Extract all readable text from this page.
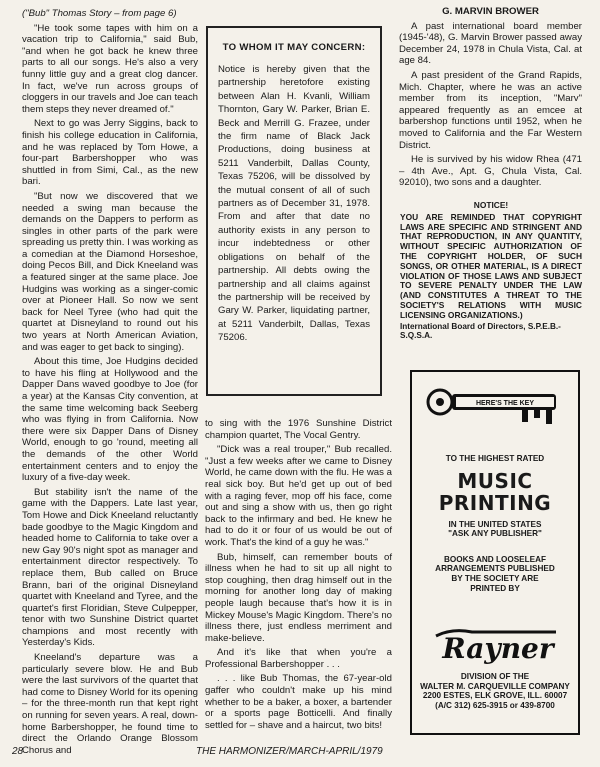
("Bub" Thomas Story – from page 6)

"He took some tapes with him on a vacation trip to California," said Bub, "and when he got back he knew three parts to all our songs. He's also a very funny little guy and a great clog dancer. In fact, we've run across groups of cloggers in our travels and Joe can teach them steps they never dreamed of."

Next to go was Jerry Siggins, back to finish his college education in California, and he was replaced by Tom Howe, a four-part Barbershopper who was shuttled in from Simi, Cal., as the new bari.

"But now we discovered that we needed a swing man because the demands on the Dappers to perform as singles in other parts of the park were spreading us pretty thin. I was working as a comedian at the Diamond Horseshoe, doing Pecos Bill, and Dick Kneeland was a featured singer at the same place. Joe Hudgins was working as a singer-comic over at Pioneer Hall. So now we sent back for Neel Tyree (who had quit the quartet at Disneyland to round out his two years at North American Aviation, and was eager to get back to singing).

About this time, Joe Hudgins decided to have his fling at Hollywood and the Dapper Dans waved goodbye to Joe (for a year) at the Kansas City convention, at the same time welcoming back Seeberg who was flying in from California. Now there were six Dapper Dans of Disney World, enough to go 'round, meeting all the demands of the other World entertainment centers and to enjoy the luxury of a five-day week.

But stability isn't the name of the game with the Dappers. Late last year, Tom Howe and Dick Kneeland reluctantly bade goodbye to the Magic Kingdom and headed home to California to take over a new Gay 90's night spot as manager and entertainment director respectively. To replace them, Bub called on Bruce Brann, bari of the original Disneyland quartet with Kneeland and Tyree, and the quartet's first Floridian, Steve Culpepper, tenor with two Sunshine District quartet champions and most recently with Yesterday's Kids.

Kneeland's departure was a particularly severe blow. He and Bub were the last survivors of the quartet that had come to Disney World for its opening – for the three-month run that kept right on running for seven years. A real, down-home Barbershopper, he found time to direct the Orlando Orange Blossom Chorus and

TO WHOM IT MAY CONCERN:

Notice is hereby given that the partnership heretofore existing between Alan H. Kvanli, William Thornton, Gary W. Parker, Brian E. Beck and Merrill G. Frazee, under the firm name of Black Jack Productions, doing business at 5211 Vanderbilt, Dallas County, Texas 75206, will be dissolved by the mutual consent of all of such partners as of December 31, 1978. From and after that date no authority exists in any person to incur indebtedness or other obligations on behalf of the partnership. All debts owing the partnership and all claims against the partnership will be received by Gary W. Parker, liquidating partner, at 5211 Vanderbilt, Dallas, Texas 75206.

to sing with the 1976 Sunshine District champion quartet, The Vocal Gentry.

"Dick was a real trouper," Bub recalled. "Just a few weeks after we came to Disney World, he came down with the flu. He was a real sick boy. But he'd get up out of bed with a raging fever, mop off his face, come out and sing a show with us, then go right back to the infirmary and bed. He knew he had to do it or four of us would be out of work. That's the kind of a guy he was."

Bub, himself, can remember bouts of illness when he had to sit up all night to stop coughing, then drag himself out in the morning for another long day of making people laugh because that's how it is in Mickey Mouse's Magic Kingdom. There's no illness there, just endless merriment and make-believe.

And it's like that when you're a Professional Barbershopper . . .

. . . like Bub Thomas, the 67-year-old gaffer who couldn't make up his mind whether to be a baker, a boxer, a bartender or a sports page Botticelli. And finally settled for – shave and a haircut, two bits!

G. MARVIN BROWER

A past international board member (1945-'48), G. Marvin Brower passed away December 24, 1978 in Chula Vista, Cal. at age 84.

A past president of the Grand Rapids, Mich. Chapter, where he was an active member from its inception, "Marv" appeared frequently as an emcee at barbershop functions until 1952, when he moved to California and the Far Western District.

He is survived by his widow Rhea (471 – 4th Ave., Apt. G, Chula Vista, Cal. 92010), two sons and a daughter.

NOTICE!
YOU ARE REMINDED THAT COPYRIGHT LAWS ARE SPECIFIC AND STRINGENT AND THAT REPRODUCTION, IN ANY QUANTITY, WITHOUT SPECIFIC AUTHORIZATION OF THE COPYRIGHT HOLDER, OF SUCH SONGS, OR OTHER MATERIAL, IS A DIRECT VIOLATION OF THOSE LAWS AND SUBJECT TO SEVERE PENALTY UNDER THE LAW (AND CONSTITUTES A THREAT TO THE SOCIETY'S RELATIONS WITH MUSIC LICENSING ORGANIZATIONS.)
International Board of Directors, S.P.E.B.-S.Q.S.A.
HERE'S THE KEY
TO THE HIGHEST RATED
MUSIC
PRINTING
IN THE UNITED STATES
"ASK ANY PUBLISHER"
BOOKS AND LOOSELEAF
ARRANGEMENTS PUBLISHED
BY THE SOCIETY ARE
PRINTED BY
Rayner
DIVISION OF THE
WALTER M. CARQUEVILLE COMPANY
2200 ESTES, ELK GROVE, ILL. 60007
(A/C 312) 625-3915 or 439-8700
28	THE HARMONIZER/MARCH-APRIL/1979
